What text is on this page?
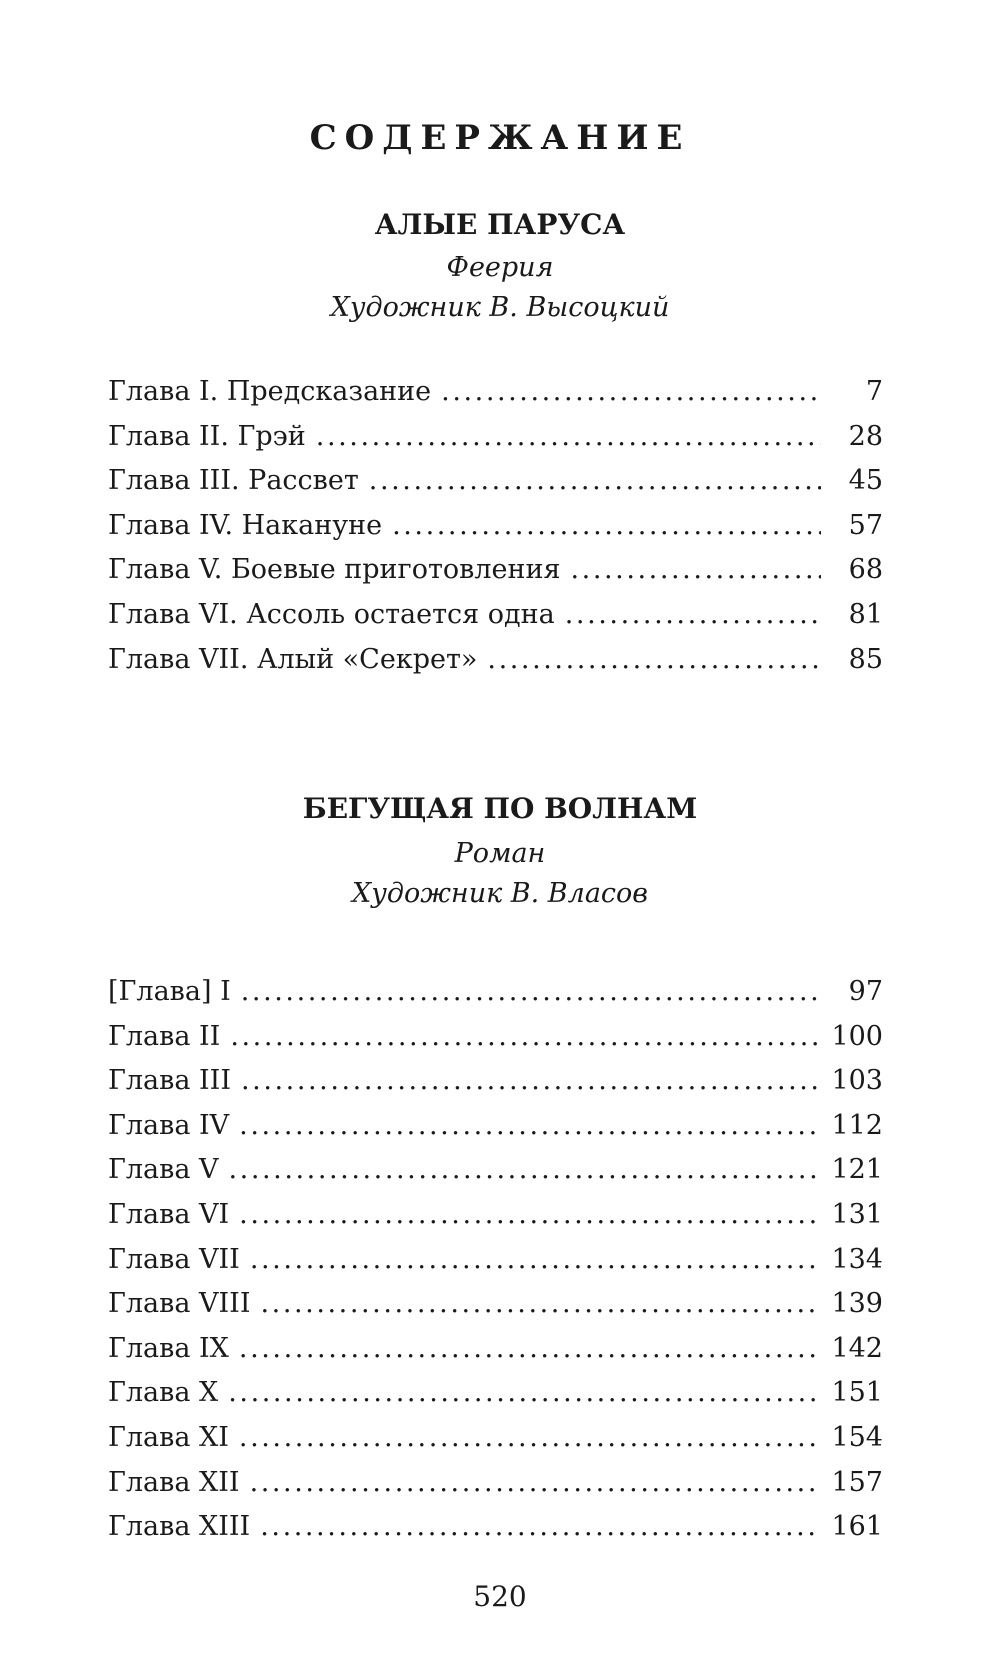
СОДЕРЖАНИЕ
АЛЫЕ ПАРУСА

Феерия

Художник В. Высоцкий

Глава I. Предсказание . . .	7
Глава II. Грэй . . .	28
Глава III. Рассвет . . .	45
Глава IV. Накануне . . .	57
Глава V. Боевые приготовления . . .	68
Глава VI. Ассоль остается одна . . .	81
Глава VII. Алый «Секрет» . . .	85
БЕГУЩАЯ ПО ВОЛНАМ

Роман

Художник В. Власов

[Глава] I . . .	97
Глава II . . .	100
Глава III . . .	103
Глава IV . . .	112
Глава V . . .	121
Глава VI . . .	131
Глава VII . . .	134
Глава VIII . . .	139
Глава IX . . .	142
Глава X . . .	151
Глава XI . . .	154
Глава XII . . .	157
Глава XIII . . .	161

520
